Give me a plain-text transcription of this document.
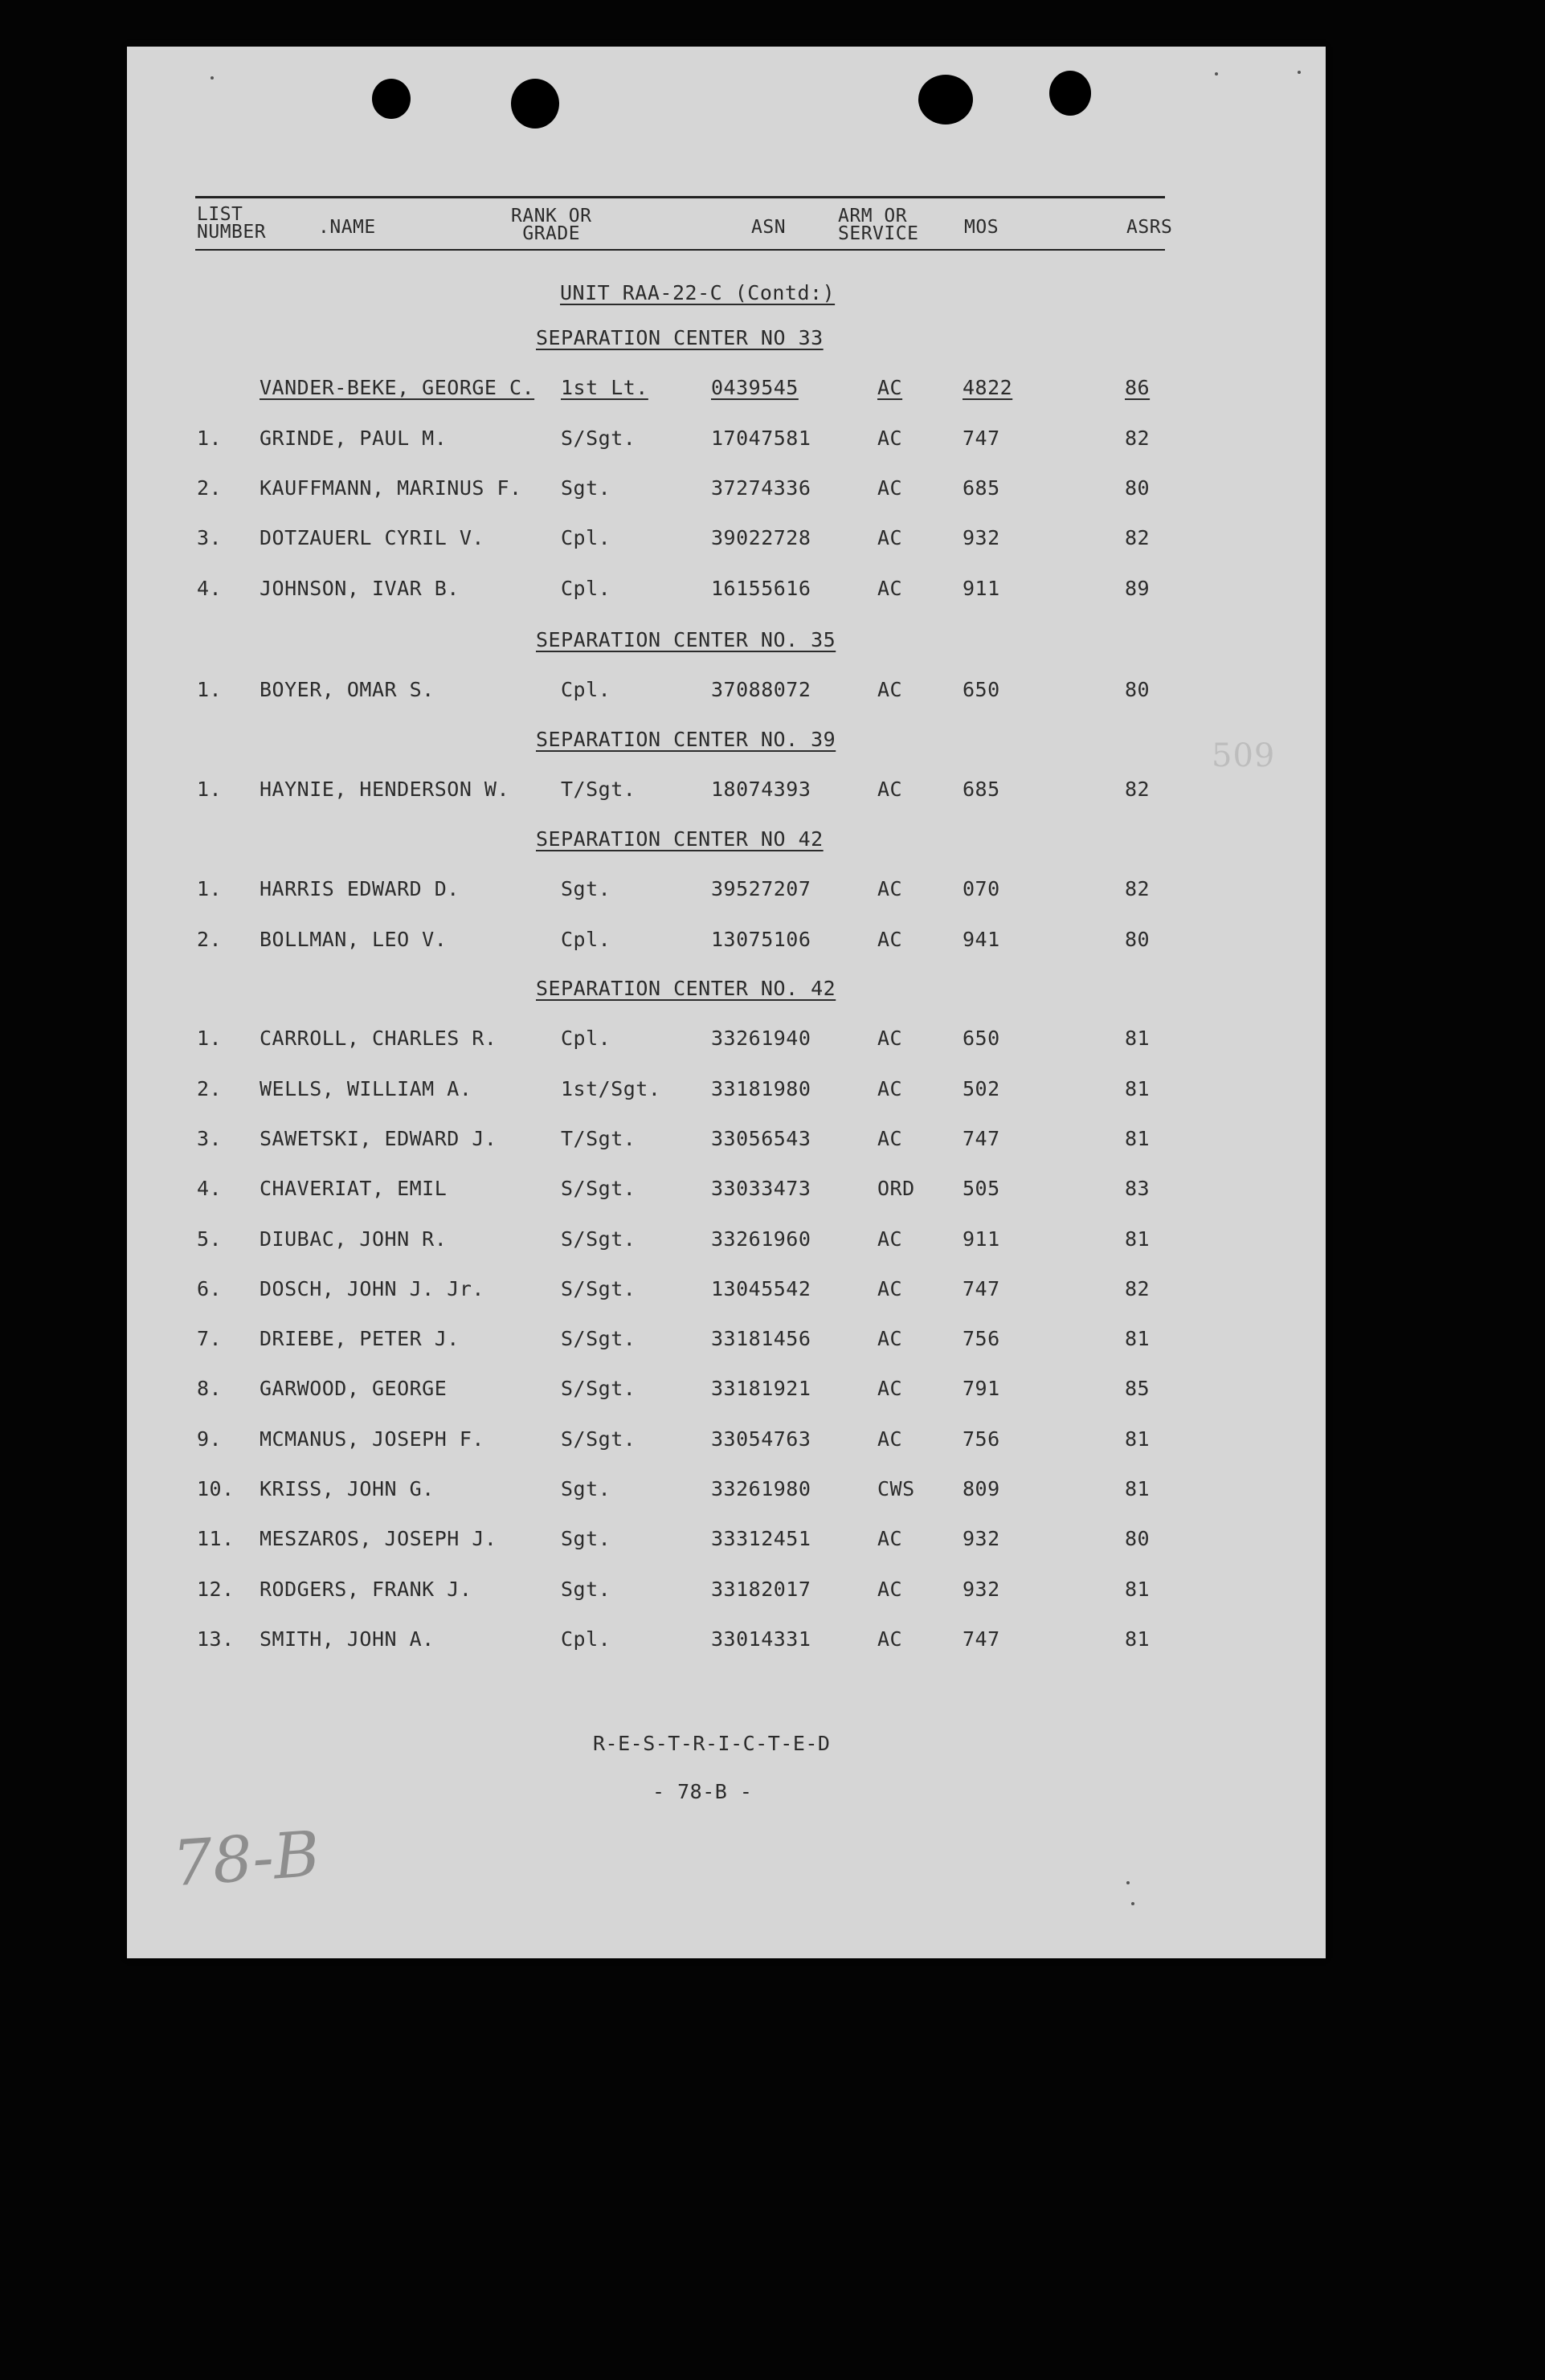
LIST
NUMBER	.NAME
RANK OR
GRADE	ASN
ARM OR
SERVICE MOS	ASRS
UNIT RAA-22-C (Contd:)
SEPARATION CENTER NO 33
VANDER-BEKE, GEORGE C. 1st Lt.	0439545	AC	4822	86
1. GRINDE, PAUL M.	S/Sgt.	17047581	AC	747	82
2. KAUFFMANN, MARINUS F. Sgt.	37274336	AC	685	80
3. DOTZAUERL CYRIL V.	Cpl.	39022728	AC	932	82
4. JOHNSON, IVAR B.	Cpl.	16155616	AC	911	89
SEPARATION CENTER NO. 35
1. BOYER, OMAR S.	Cpl.	37088072	AC	650	80
SEPARATION CENTER NO. 39
1. HAYNIE, HENDERSON W.	T/Sgt.	18074393	AC	685	82
SEPARATION CENTER NO 42
1. HARRIS EDWARD D.	Sgt.	39527207	AC	070	82
2. BOLLMAN, LEO V.	Cpl.	13075106	AC	941	80
SEPARATION CENTER NO. 42
1. CARROLL, CHARLES R.	Cpl.	33261940	AC	650	81
2. WELLS, WILLIAM A.	1st/Sgt.	33181980	AC	502	81
3. SAWETSKI, EDWARD J.	T/Sgt.	33056543	AC	747	81
4. CHAVERIAT, EMIL	S/Sgt.	33033473	ORD 505	83
5. DIUBAC, JOHN R.	S/Sgt.	33261960	AC	911	81
6. DOSCH, JOHN J. Jr.	S/Sgt.	13045542	AC	747	82
7. DRIEBE, PETER J.	S/Sgt.	33181456	AC	756	81
8. GARWOOD, GEORGE	S/Sgt.	33181921	AC	791	85
9. MCMANUS, JOSEPH F.	S/Sgt.	33054763	AC	756	81
10. KRISS, JOHN G.	Sgt.	33261980	CWS 809	81
11. MESZAROS, JOSEPH J.	Sgt.	33312451	AC	932	80
12. RODGERS, FRANK J.	Sgt.	33182017	AC	932	81
13. SMITH, JOHN A.	Cpl.	33014331	AC	747	81
R-E-S-T-R-I-C-T-E-D
- 78-B -
509
78-B
